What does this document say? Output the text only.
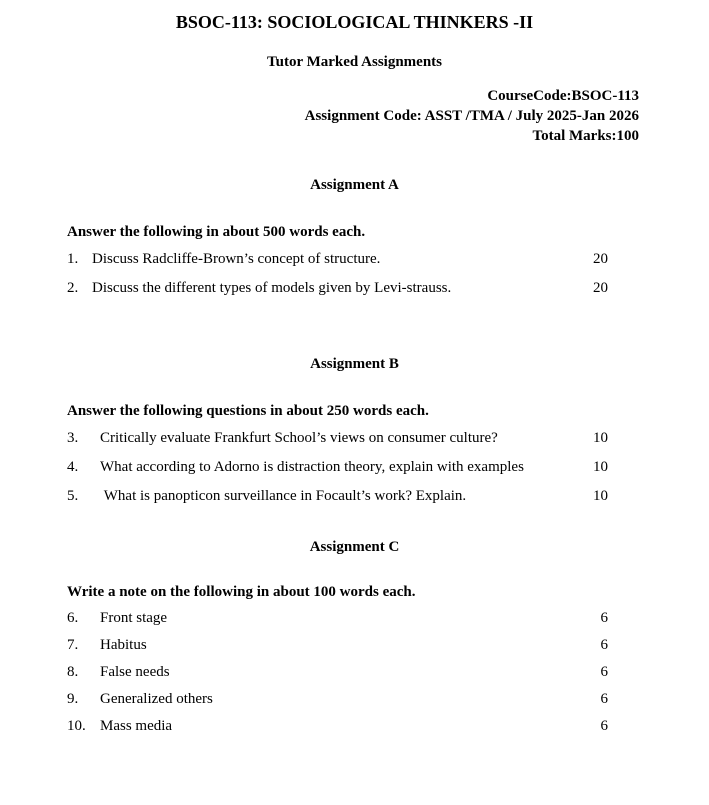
BSOC-113: SOCIOLOGICAL THINKERS -II
Tutor Marked Assignments
CourseCode:BSOC-113
Assignment Code: ASST /TMA / July 2025-Jan 2026
Total Marks:100
Assignment A

Answer the following in about 500 words each.

1. Discuss Radcliffe-Brown’s concept of structure.	20
2. Discuss the different types of models given by Levi-strauss.	20
Assignment B

Answer the following questions in about 250 words each.

3.	Critically evaluate Frankfurt School’s views on consumer culture?	10
4.	What according to Adorno is distraction theory, explain with examples	10
5.	What is panopticon surveillance in Focault’s work? Explain.	10
Assignment C

Write a note on the following in about 100 words each.

6.	Front stage	6
7.	Habitus	6
8.	False needs	6
9.	Generalized others	6
10. Mass media	6
